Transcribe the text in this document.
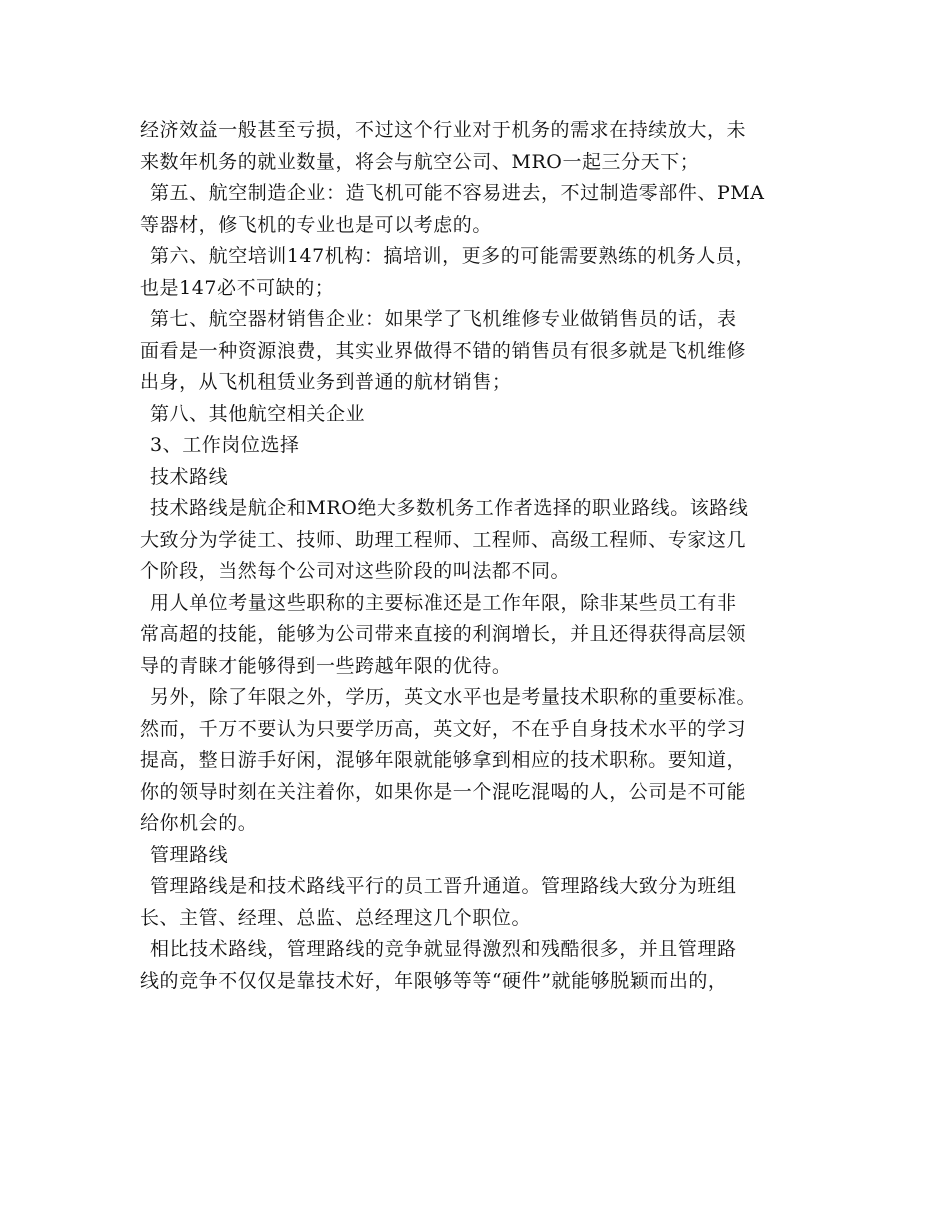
经济效益一般甚至亏损，不过这个行业对于机务的需求在持续放大，未
来数年机务的就业数量，将会与航空公司、MRO一起三分天下；
第五、航空制造企业：造飞机可能不容易进去，不过制造零部件、PMA
等器材，修飞机的专业也是可以考虑的。
第六、航空培训147机构：搞培训，更多的可能需要熟练的机务人员，
也是147必不可缺的；
第七、航空器材销售企业：如果学了飞机维修专业做销售员的话，表
面看是一种资源浪费，其实业界做得不错的销售员有很多就是飞机维修
出身，从飞机租赁业务到普通的航材销售；
第八、其他航空相关企业
3、工作岗位选择
技术路线
技术路线是航企和MRO绝大多数机务工作者选择的职业路线。该路线
大致分为学徒工、技师、助理工程师、工程师、高级工程师、专家这几
个阶段，当然每个公司对这些阶段的叫法都不同。
用人单位考量这些职称的主要标准还是工作年限，除非某些员工有非
常高超的技能，能够为公司带来直接的利润增长，并且还得获得高层领
导的青睐才能够得到一些跨越年限的优待。
另外，除了年限之外，学历，英文水平也是考量技术职称的重要标准。
然而，千万不要认为只要学历高，英文好，不在乎自身技术水平的学习
提高，整日游手好闲，混够年限就能够拿到相应的技术职称。要知道，
你的领导时刻在关注着你，如果你是一个混吃混喝的人，公司是不可能
给你机会的。
管理路线
管理路线是和技术路线平行的员工晋升通道。管理路线大致分为班组
长、主管、经理、总监、总经理这几个职位。
相比技术路线，管理路线的竞争就显得激烈和残酷很多，并且管理路
线的竞争不仅仅是靠技术好，年限够等等“硬件”就能够脱颖而出的，
